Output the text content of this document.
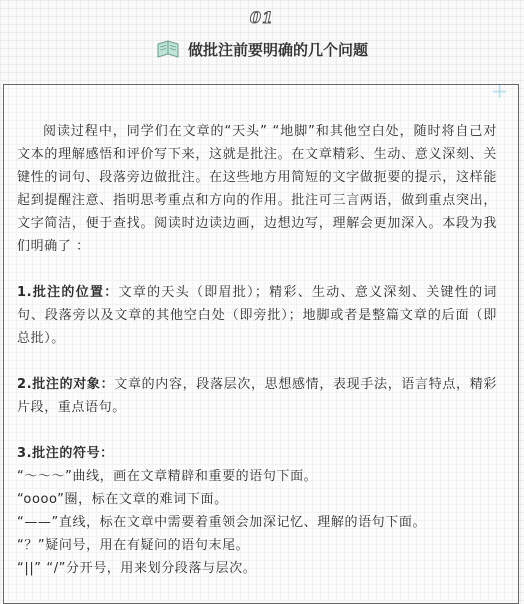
01
做批注前要明确的几个问题
+

阅读过程中，同学们在文章的“天头” “地脚”和其他空白处，随时将自己对文本的理解感悟和评价写下来，这就是批注。在文章精彩、生动、意义深刻、关键性的词句、段落旁边做批注。在这些地方用简短的文字做扼要的提示，这样能起到提醒注意、指明思考重点和方向的作用。批注可三言两语，做到重点突出，文字简洁，便于查找。阅读时边读边画，边想边写，理解会更加深入。本段为我们明确了 ：

1.批注的位置：文章的天头（即眉批）；精彩、生动、意义深刻、关键性的词句、段落旁以及文章的其他空白处（即旁批）；地脚或者是整篇文章的后面（即总批）。

2.批注的对象：文章的内容，段落层次，思想感情，表现手法，语言特点，精彩片段，重点语句。

3.批注的符号：

“～～～”曲线，画在文章精辟和重要的语句下面。

“oooo”圈，标在文章的难词下面。

“——”直线，标在文章中需要着重领会加深记忆、理解的语句下面。

“？”疑问号，用在有疑问的语句末尾。

“||” “/”分开号，用来划分段落与层次。
